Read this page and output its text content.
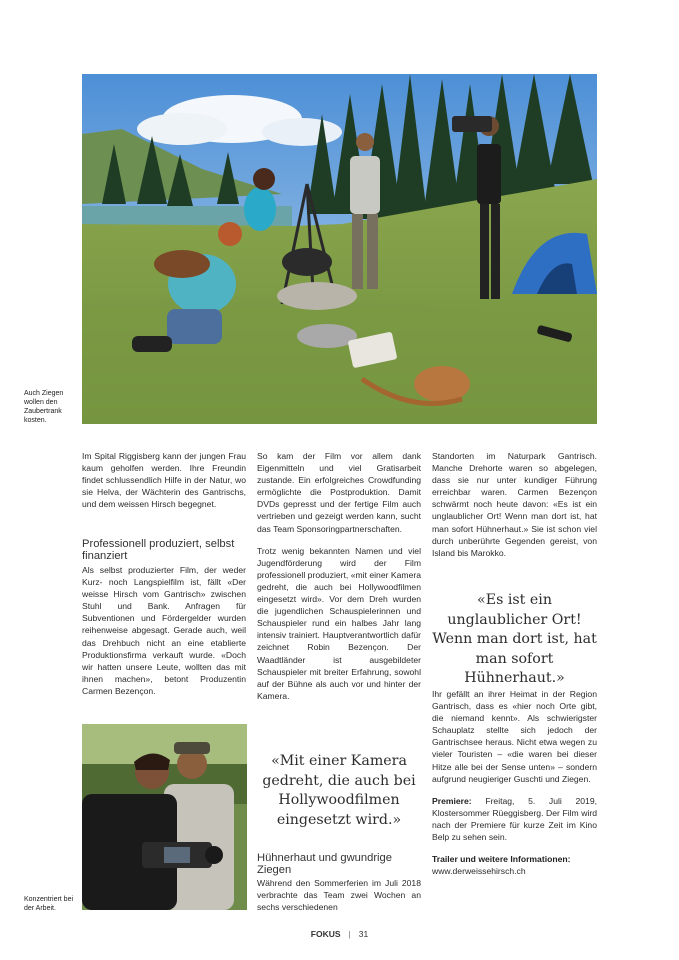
Auch Ziegen wollen den Zaubertrank kosten.

Im Spital Riggisberg kann der jungen Frau kaum geholfen werden. Ihre Freundin findet schlussendlich Hilfe in der Natur, wo sie Helva, der Wächterin des Gantrischs, und dem weissen Hirsch begegnet.

Professionell produziert, selbst finanziert

Als selbst produzierter Film, der weder Kurz- noch Langspielfilm ist, fällt «Der weisse Hirsch vom Gantrisch» zwischen Stuhl und Bank. Anfragen für Subventionen und Fördergelder wurden reihenweise abgesagt. Gerade auch, weil das Drehbuch nicht an eine etablierte Produktionsfirma verkauft wurde. «Doch wir hatten unsere Leute, wollten das mit ihnen machen», betont Produzentin Carmen Bezençon.

Konzentriert bei der Arbeit.

So kam der Film vor allem dank Eigenmitteln und viel Gratisarbeit zustande. Ein erfolgreiches Crowdfunding ermöglichte die Postproduktion. Damit DVDs gepresst und der fertige Film auch vertrieben und gezeigt werden kann, sucht das Team Sponsoringpartnerschaften.

Trotz wenig bekannten Namen und viel Jugendförderung wird der Film professionell produziert, «mit einer Kamera gedreht, die auch bei Hollywoodfilmen eingesetzt wird». Vor dem Dreh wurden die jugendlichen Schauspielerinnen und Schauspieler rund ein halbes Jahr lang intensiv trainiert. Hauptverantwortlich dafür zeichnet Robin Bezençon. Der Waadtländer ist ausgebildeter Schauspieler mit breiter Erfahrung, sowohl auf der Bühne als auch vor und hinter der Kamera.

«Mit einer Kamera gedreht, die auch bei Hollywoodfilmen eingesetzt wird.»
Hühnerhaut und gwundrige Ziegen

Während den Sommerferien im Juli 2018 verbrachte das Team zwei Wochen an sechs verschiedenen

Standorten im Naturpark Gantrisch. Manche Drehorte waren so abgelegen, dass sie nur unter kundiger Führung erreichbar waren. Carmen Bezençon schwärmt noch heute davon: «Es ist ein unglaublicher Ort! Wenn man dort ist, hat man sofort Hühnerhaut.» Sie ist schon viel durch unberührte Gegenden gereist, von Island bis Marokko.

«Es ist ein unglaublicher Ort! Wenn man dort ist, hat man sofort Hühnerhaut.»

Ihr gefällt an ihrer Heimat in der Region Gantrisch, dass es «hier noch Orte gibt, die niemand kennt». Als schwierigster Schauplatz stellte sich jedoch der Gantrischsee heraus. Nicht etwa wegen zu vieler Touristen – «die waren bei dieser Hitze alle bei der Sense unten» – sondern aufgrund neugieriger Guschti und Ziegen.

Premiere: Freitag, 5. Juli 2019, Klostersommer Rüeggisberg. Der Film wird nach der Premiere für kurze Zeit im Kino Belp zu sehen sein.

Trailer und weitere Informationen:
www.derweissehirsch.ch

FOKUS | 31
